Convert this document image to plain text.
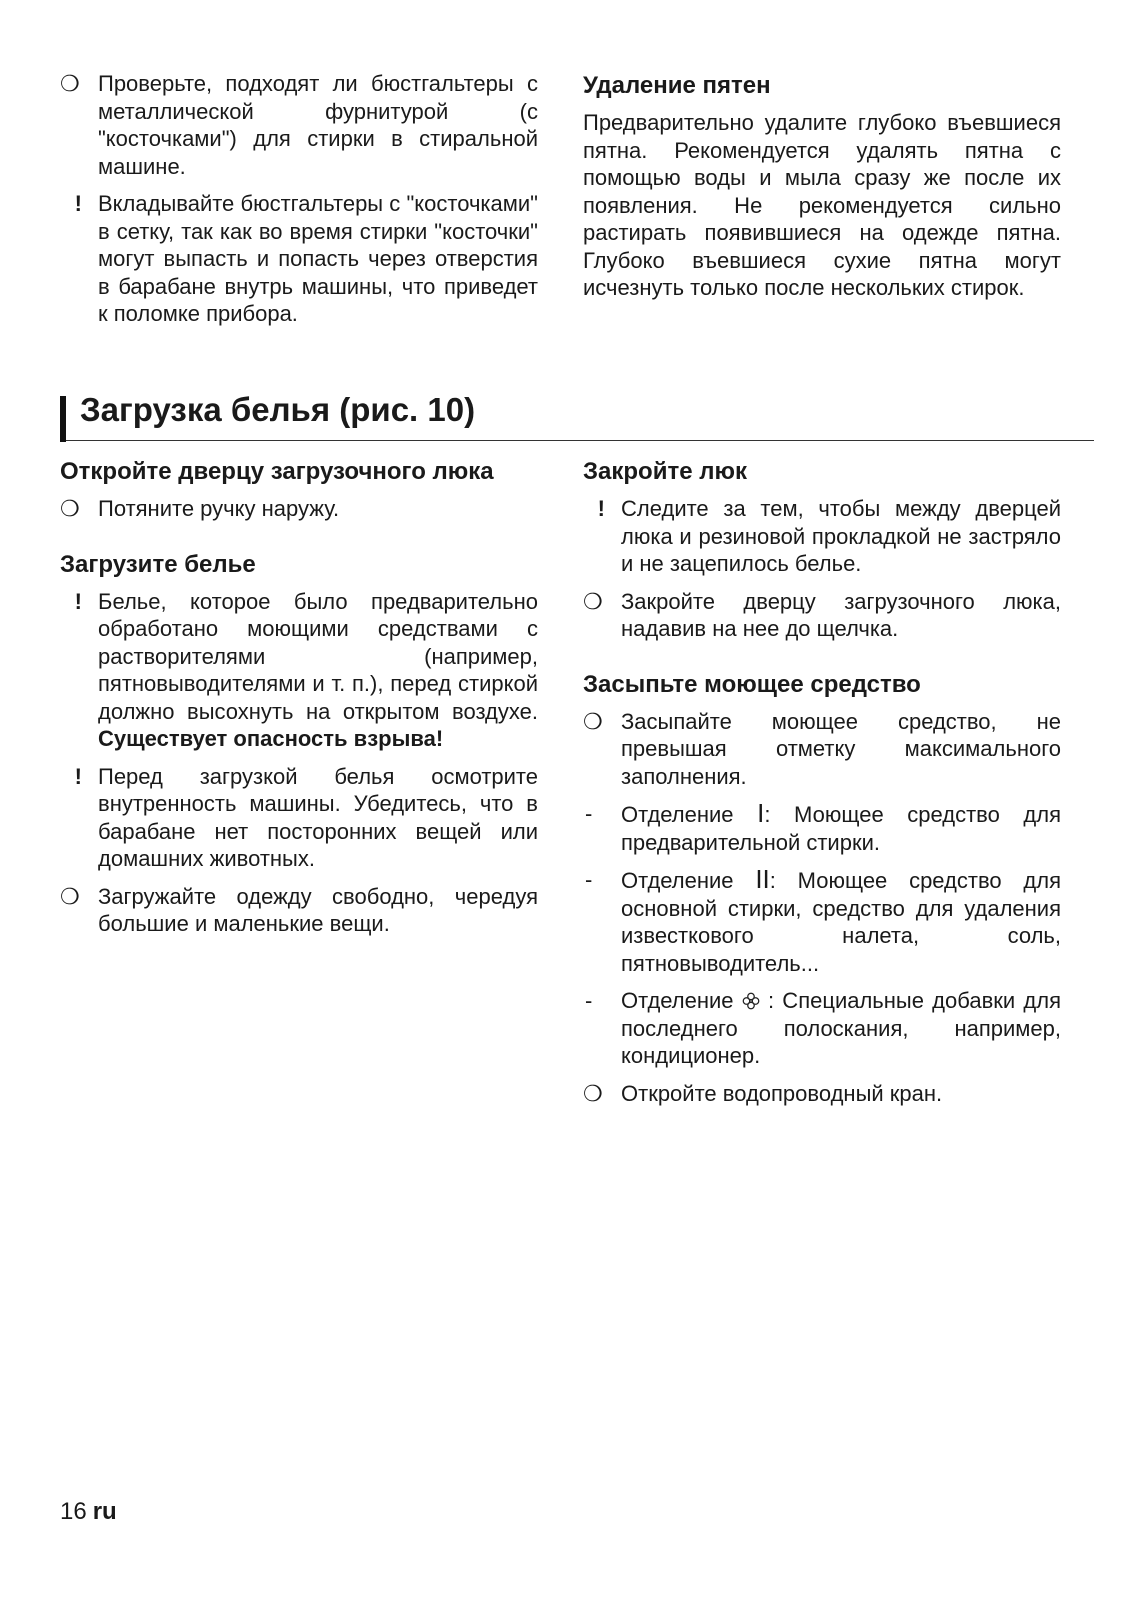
❍ Проверьте, подходят ли бюстгальтеры с металлической фурнитурой (с "косточками") для стирки в стиральной машине.
! Вкладывайте бюстгальтеры с "косточками" в сетку, так как во время стирки "косточки" могут выпасть и попасть через отверстия в барабане внутрь машины, что приведет к поломке прибора.
Удаление пятен
Предварительно удалите глубоко въевшиеся пятна. Рекомендуется удалять пятна с помощью воды и мыла сразу же после их появления. Не рекомендуется сильно растирать появившиеся на одежде пятна. Глубоко въевшиеся сухие пятна могут исчезнуть только после нескольких стирок.
Загрузка белья (рис. 10)
Откройте дверцу загрузочного люка
❍ Потяните ручку наружу.
Загрузите белье
! Белье, которое было предварительно обработано моющими средствами с растворителями (например, пятновыводителями и т. п.), перед стиркой должно высохнуть на открытом воздухе. Существует опасность взрыва!
! Перед загрузкой белья осмотрите внутренность машины. Убедитесь, что в барабане нет посторонних вещей или домашних животных.
❍ Загружайте одежду свободно, чередуя большие и маленькие вещи.
Закройте люк
! Следите за тем, чтобы между дверцей люка и резиновой прокладкой не застряло и не зацепилось белье.
❍ Закройте дверцу загрузочного люка, надавив на нее до щелчка.
Засыпьте моющее средство
❍ Засыпайте моющее средство, не превышая отметку максимального заполнения.
-	Отделение I: Моющее средство для предварительной стирки.
-	Отделение II: Моющее средство для основной стирки, средство для удаления известкового налета, соль, пятновыводитель...
-	Отделение  : Специальные добавки для последнего полоскания, например, кондиционер.
❍ Откройте водопроводный кран.
16 ru
